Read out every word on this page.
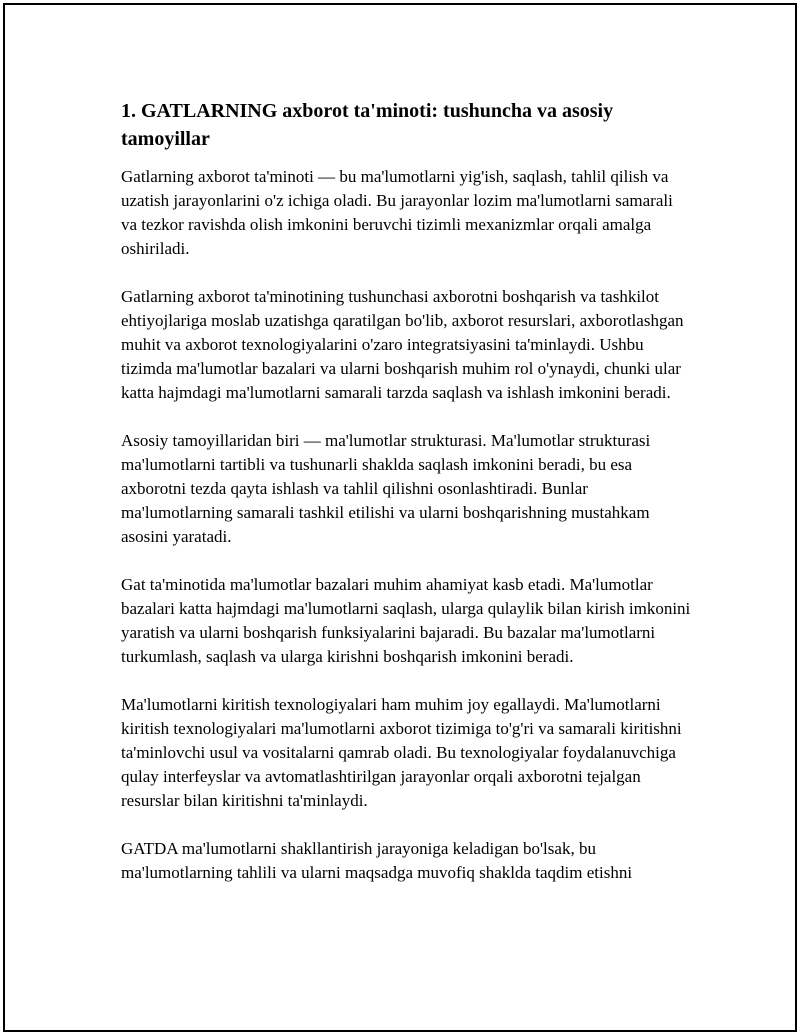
1. GATLARNING axborot ta'minoti: tushuncha va asosiy tamoyillar

Gatlarning axborot ta'minoti — bu ma'lumotlarni yig'ish, saqlash, tahlil qilish va uzatish jarayonlarini o'z ichiga oladi. Bu jarayonlar lozim ma'lumotlarni samarali va tezkor ravishda olish imkonini beruvchi tizimli mexanizmlar orqali amalga oshiriladi.

Gatlarning axborot ta'minotining tushunchasi axborotni boshqarish va tashkilot ehtiyojlariga moslab uzatishga qaratilgan bo'lib, axborot resurslari, axborotlashgan muhit va axborot texnologiyalarini o'zaro integratsiyasini ta'minlaydi. Ushbu tizimda ma'lumotlar bazalari va ularni boshqarish muhim rol o'ynaydi, chunki ular katta hajmdagi ma'lumotlarni samarali tarzda saqlash va ishlash imkonini beradi.

Asosiy tamoyillaridan biri — ma'lumotlar strukturasi. Ma'lumotlar strukturasi ma'lumotlarni tartibli va tushunarli shaklda saqlash imkonini beradi, bu esa axborotni tezda qayta ishlash va tahlil qilishni osonlashtiradi. Bunlar ma'lumotlarning samarali tashkil etilishi va ularni boshqarishning mustahkam asosini yaratadi.

Gat ta'minotida ma'lumotlar bazalari muhim ahamiyat kasb etadi. Ma'lumotlar bazalari katta hajmdagi ma'lumotlarni saqlash, ularga qulaylik bilan kirish imkonini yaratish va ularni boshqarish funksiyalarini bajaradi. Bu bazalar ma'lumotlarni turkumlash, saqlash va ularga kirishni boshqarish imkonini beradi.

Ma'lumotlarni kiritish texnologiyalari ham muhim joy egallaydi. Ma'lumotlarni kiritish texnologiyalari ma'lumotlarni axborot tizimiga to'g'ri va samarali kiritishni ta'minlovchi usul va vositalarni qamrab oladi. Bu texnologiyalar foydalanuvchiga qulay interfeyslar va avtomatlashtirilgan jarayonlar orqali axborotni tejalgan resurslar bilan kiritishni ta'minlaydi.

GATDA ma'lumotlarni shakllantirish jarayoniga keladigan bo'lsak, bu ma'lumotlarning tahlili va ularni maqsadga muvofiq shaklda taqdim etishni
